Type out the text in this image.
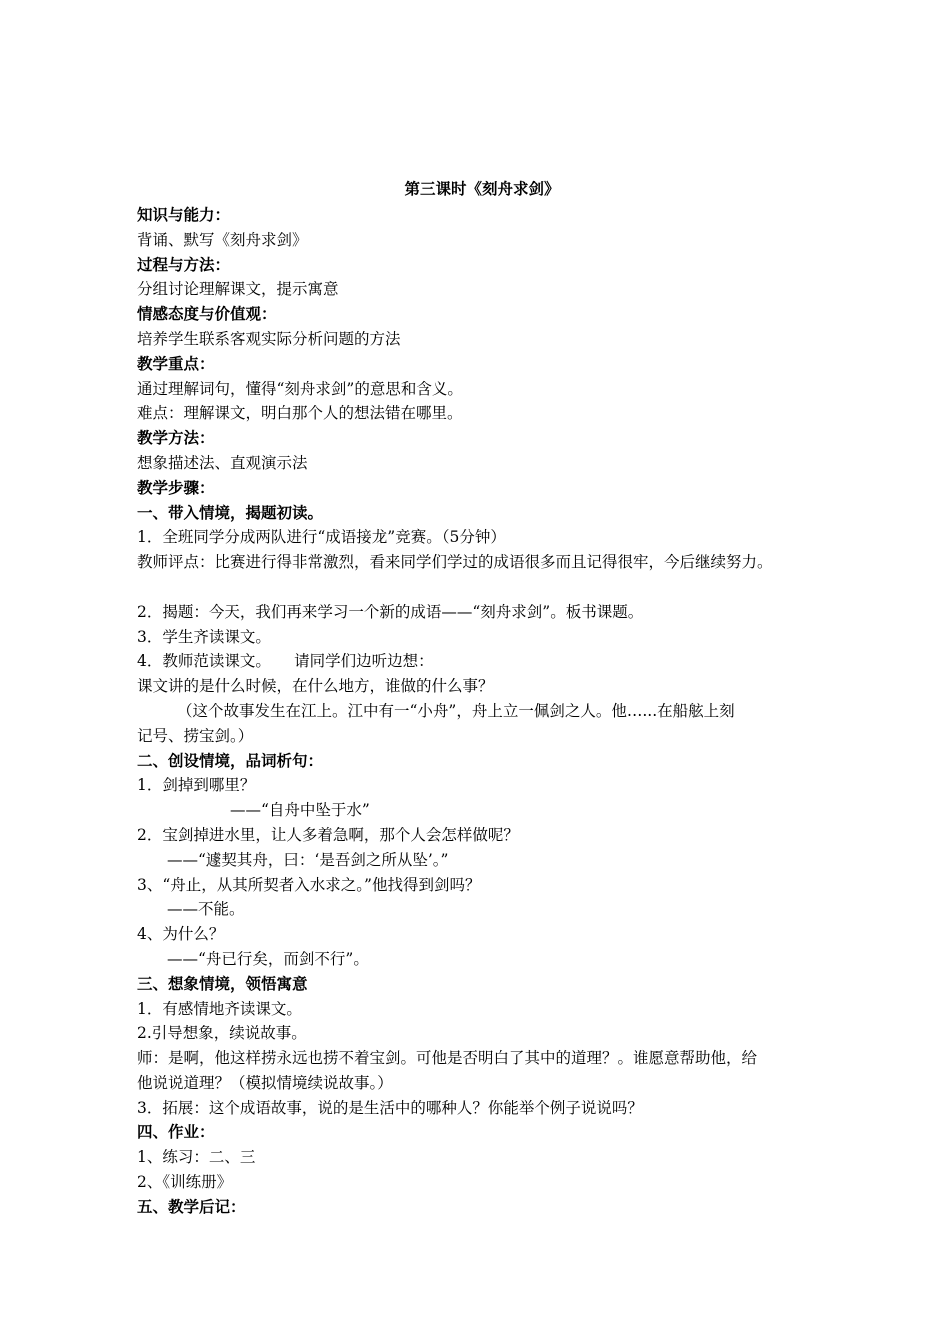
第三课时《刻舟求剑》
知识与能力：
背诵、默写《刻舟求剑》
过程与方法：
分组讨论理解课文，提示寓意
情感态度与价值观：
培养学生联系客观实际分析问题的方法
教学重点：
通过理解词句，懂得“刻舟求剑”的意思和含义。
难点：理解课文，明白那个人的想法错在哪里。
教学方法：
想象描述法、直观演示法
教学步骤：
一、带入情境，揭题初读。
1．全班同学分成两队进行“成语接龙”竞赛。（5分钟）
教师评点：比赛进行得非常激烈，看来同学们学过的成语很多而且记得很牢，今后继续努力。
2．揭题：今天，我们再来学习一个新的成语——“刻舟求剑”。板书课题。
3．学生齐读课文。
4．教师范读课文。　　请同学们边听边想：
课文讲的是什么时候，在什么地方，谁做的什么事？
（这个故事发生在江上。江中有一“小舟”，舟上立一佩剑之人。他…...在船舷上刻
记号、捞宝剑。）
二、创设情境，品词析句：
1．剑掉到哪里？
——“自舟中坠于水”
2．宝剑掉进水里，让人多着急啊，那个人会怎样做呢？
——“遽契其舟，曰：‘是吾剑之所从坠’。”
3、“舟止，从其所契者入水求之。”他找得到剑吗？
——不能。
4、为什么？
——“舟已行矣，而剑不行”。
三、想象情境，领悟寓意
1．有感情地齐读课文。
2.引导想象，续说故事。
师：是啊，他这样捞永远也捞不着宝剑。可他是否明白了其中的道理？。谁愿意帮助他，给
他说说道理？（模拟情境续说故事。）
3．拓展：这个成语故事，说的是生活中的哪种人？你能举个例子说说吗？
四、作业：
1、练习：二、三
2、《训练册》
五、教学后记：
